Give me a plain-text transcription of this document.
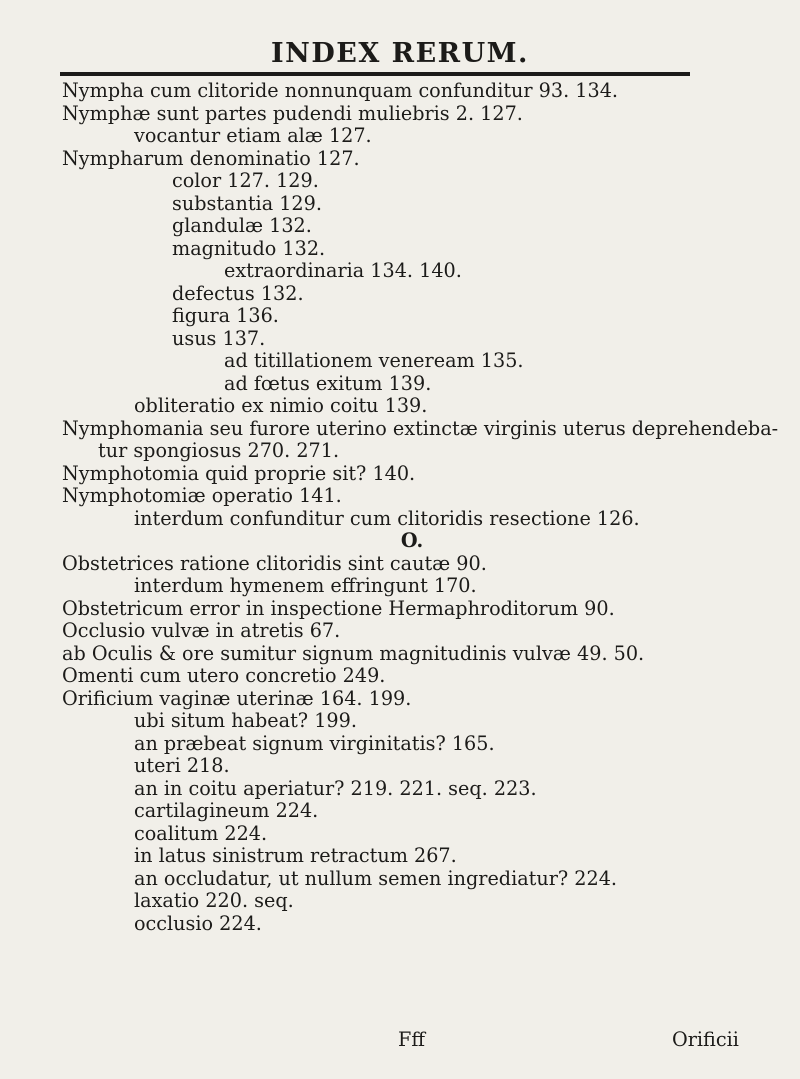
INDEX RERUM.
Nympha cum clitoride nonnunquam confunditur 93. 134.
Nymphæ sunt partes pudendi muliebris 2. 127.
vocantur etiam alæ 127.
Nympharum denominatio 127.
color 127. 129.
substantia 129.
glandulæ 132.
magnitudo 132.
extraordinaria 134. 140.
defectus 132.
figura 136.
usus 137.
ad titillationem veneream 135.
ad fœtus exitum 139.
obliteratio ex nimio coitu 139.
Nymphomania seu furore uterino extinctæ virginis uterus deprehendeba-
tur spongiosus 270. 271.
Nymphotomia quid proprie sit? 140.
Nymphotomiæ operatio 141.
interdum confunditur cum clitoridis resectione 126.
O.
Obstetrices ratione clitoridis sint cautæ 90.
interdum hymenem effringunt 170.
Obstetricum error in inspectione Hermaphroditorum 90.
Occlusio vulvæ in atretis 67.
ab Oculis & ore sumitur signum magnitudinis vulvæ 49. 50.
Omenti cum utero concretio 249.
Orificium vaginæ uterinæ 164. 199.
ubi situm habeat? 199.
an præbeat signum virginitatis? 165.
uteri 218.
an in coitu aperiatur? 219. 221. seq. 223.
cartilagineum 224.
coalitum 224.
in latus sinistrum retractum 267.
an occludatur, ut nullum semen ingrediatur? 224.
laxatio 220. seq.
occlusio 224.
Fff	Orificii
